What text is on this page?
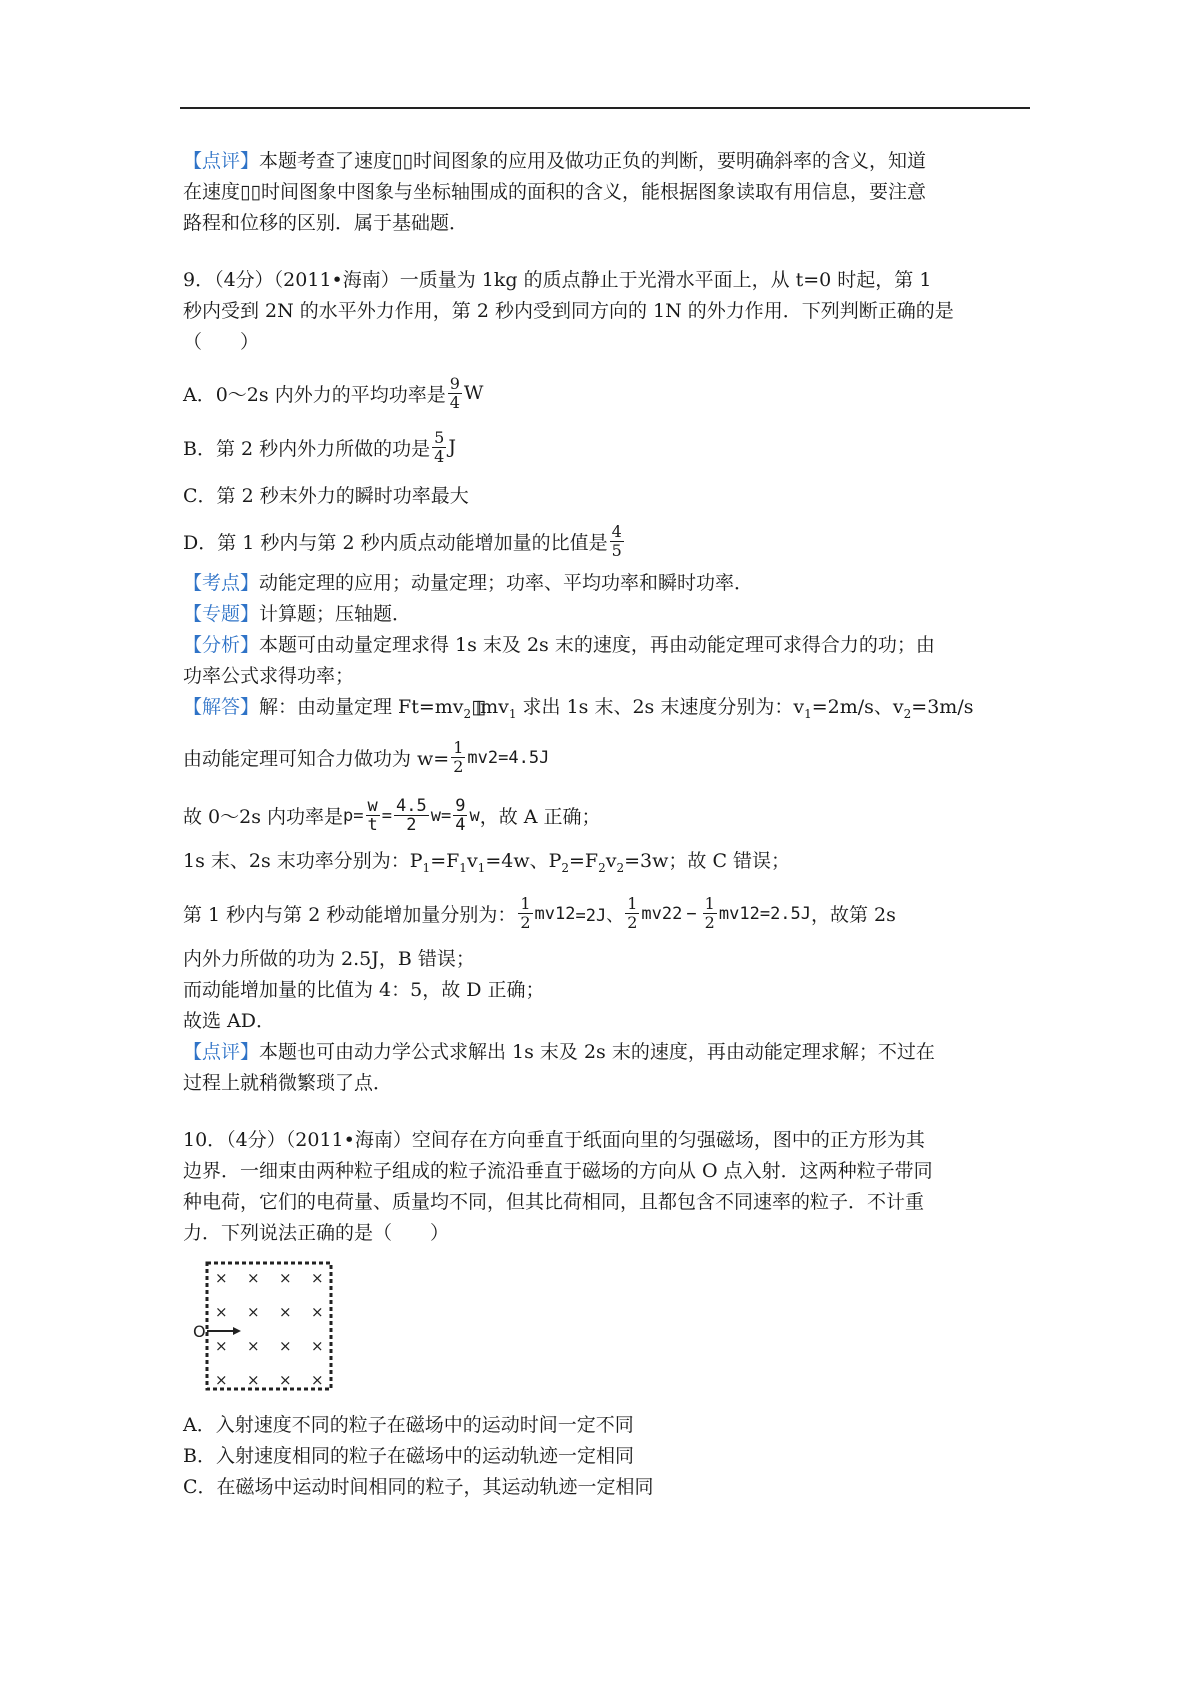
【点评】本题考查了速度▯▯时间图象的应用及做功正负的判断，要明确斜率的含义，知道

在速度▯▯时间图象中图象与坐标轴围成的面积的含义，能根据图象读取有用信息，要注意

路程和位移的区别．属于基础题．

9．（4分）（2011•海南）一质量为 1kg 的质点静止于光滑水平面上，从 t=0 时起，第 1

秒内受到 2N 的水平外力作用，第 2 秒内受到同方向的 1N 的外力作用．下列判断正确的是

（　　）

A．0～2s 内外力的平均功率是 $\frac{9}{4}$ W
B．第 2 秒内外力所做的功是 $\frac{5}{4}$ J
C．第 2 秒末外力的瞬时功率最大
D．第 1 秒内与第 2 秒内质点动能增加量的比值是 $\frac{4}{5}$

【考点】动能定理的应用；动量定理；功率、平均功率和瞬时功率．

【专题】计算题；压轴题．

【分析】本题可由动量定理求得 1s 末及 2s 末的速度，再由动能定理可求得合力的功；由

功率公式求得功率；

【解答】解：由动量定理 $Ft=mv_2▯▯mv_1$ 求出 1s 末、2s 末速度分别为：$v_1=2m/s$、$v_2=3m/s$

由动能定理可知合力做功为 $w= \frac{1}{2}$ mv 2 =4.5J
故 0～2s 内功率是 $p= \frac{w}{t} = \frac{4.5}{2} w= \frac{9}{4}$ w ，故 A 正确；

1s 末、2s 末功率分别为：$P_1=F_1v_1=4w$、$P_2=F_2v_2=3w$；故 C 错误；

第 1 秒内与第 2 秒动能增加量分别为： $\frac{1}{2}$ mv 1 2 =2J、 $\frac{1}{2}$ mv 2 $2 - \frac{1}{2}$ mv 1 2 =2.5J ，故第 2s

内外力所做的功为 2.5J，B 错误；

而动能增加量的比值为 4：5，故 D 正确；

故选 AD．

【点评】本题也可由动力学公式求解出 1s 末及 2s 末的速度，再由动能定理求解；不过在

过程上就稍微繁琐了点．

10．（4分）（2011•海南）空间存在方向垂直于纸面向里的匀强磁场，图中的正方形为其

边界．一细束由两种粒子组成的粒子流沿垂直于磁场的方向从 O 点入射．这两种粒子带同

种电荷，它们的电荷量、质量均不同，但其比荷相同，且都包含不同速率的粒子．不计重

力．下列说法正确的是（　　）

× × × ×
× × × ×
× × ×
×
× × × ×
O

A．入射速度不同的粒子在磁场中的运动时间一定不同

B．入射速度相同的粒子在磁场中的运动轨迹一定相同

C．在磁场中运动时间相同的粒子，其运动轨迹一定相同
